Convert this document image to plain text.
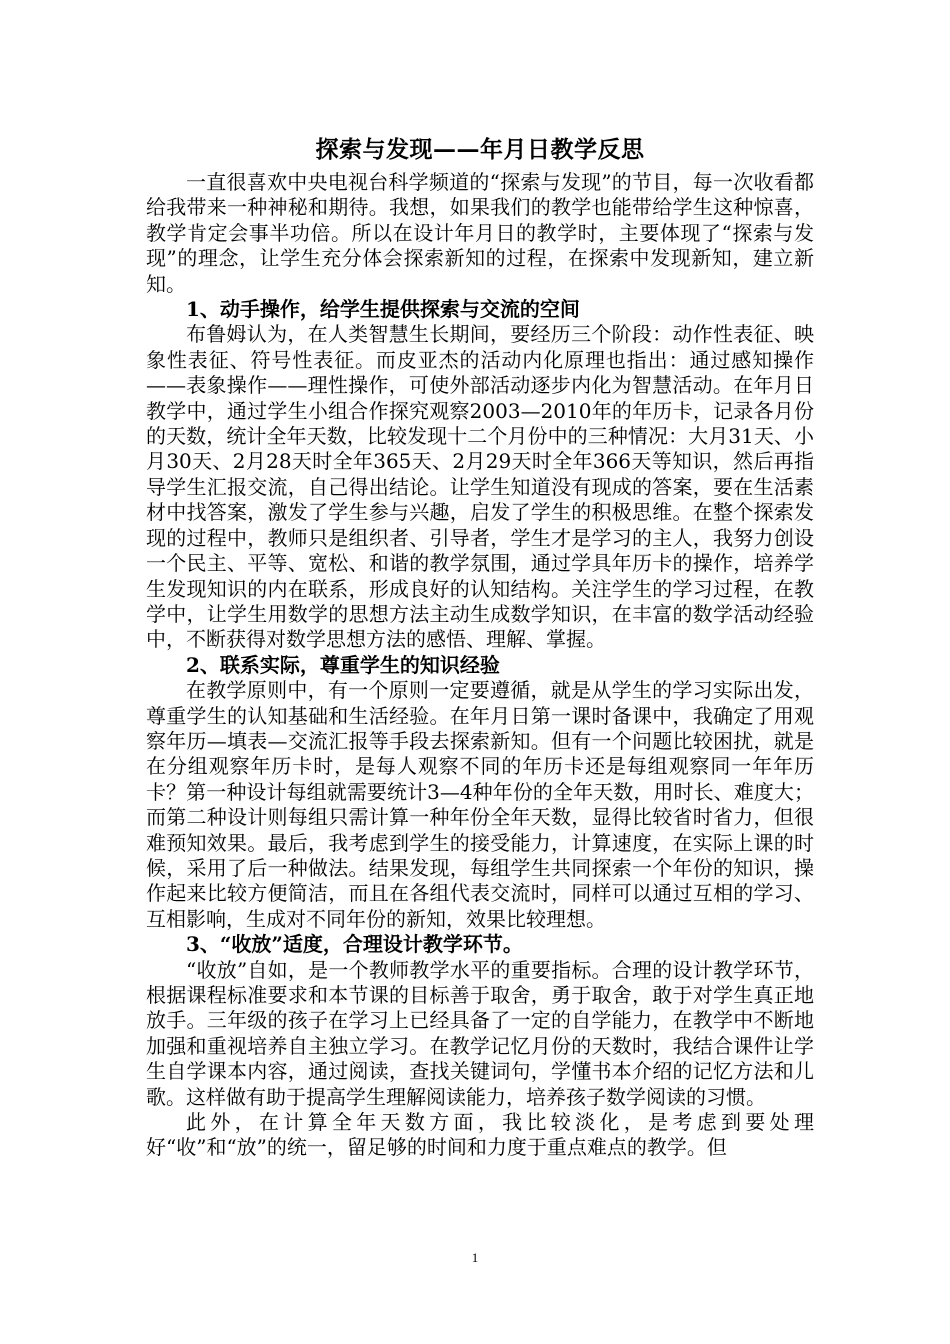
探索与发现——年月日教学反思

一直很喜欢中央电视台科学频道的“探索与发现”的节目，每一次收看都给我带来一种神秘和期待。我想，如果我们的教学也能带给学生这种惊喜，教学肯定会事半功倍。所以在设计年月日的教学时，主要体现了“探索与发现”的理念，让学生充分体会探索新知的过程，在探索中发现新知，建立新知。

1、动手操作，给学生提供探索与交流的空间

布鲁姆认为，在人类智慧生长期间，要经历三个阶段：动作性表征、映象性表征、符号性表征。而皮亚杰的活动内化原理也指出：通过感知操作——表象操作——理性操作，可使外部活动逐步内化为智慧活动。在年月日教学中，通过学生小组合作探究观察2003—2010年的年历卡，记录各月份的天数，统计全年天数，比较发现十二个月份中的三种情况：大月31天、小月30天、2月28天时全年365天、2月29天时全年366天等知识，然后再指导学生汇报交流，自己得出结论。让学生知道没有现成的答案，要在生活素材中找答案，激发了学生参与兴趣，启发了学生的积极思维。在整个探索发现的过程中，教师只是组织者、引导者，学生才是学习的主人，我努力创设一个民主、平等、宽松、和谐的教学氛围，通过学具年历卡的操作，培养学生发现知识的内在联系，形成良好的认知结构。关注学生的学习过程，在教学中，让学生用数学的思想方法主动生成数学知识，在丰富的数学活动经验中，不断获得对数学思想方法的感悟、理解、掌握。

2、联系实际，尊重学生的知识经验

在教学原则中，有一个原则一定要遵循，就是从学生的学习实际出发，尊重学生的认知基础和生活经验。在年月日第一课时备课中，我确定了用观察年历—填表—交流汇报等手段去探索新知。但有一个问题比较困扰，就是在分组观察年历卡时，是每人观察不同的年历卡还是每组观察同一年年历卡？第一种设计每组就需要统计3—4种年份的全年天数，用时长、难度大；而第二种设计则每组只需计算一种年份全年天数，显得比较省时省力，但很难预知效果。最后，我考虑到学生的接受能力，计算速度，在实际上课的时候，采用了后一种做法。结果发现，每组学生共同探索一个年份的知识，操作起来比较方便简洁，而且在各组代表交流时，同样可以通过互相的学习、互相影响，生成对不同年份的新知，效果比较理想。

3、“收放”适度，合理设计教学环节。

“收放”自如，是一个教师教学水平的重要指标。合理的设计教学环节，根据课程标准要求和本节课的目标善于取舍，勇于取舍，敢于对学生真正地放手。三年级的孩子在学习上已经具备了一定的自学能力，在教学中不断地加强和重视培养自主独立学习。在教学记忆月份的天数时，我结合课件让学生自学课本内容，通过阅读，查找关键词句，学懂书本介绍的记忆方法和儿歌。这样做有助于提高学生理解阅读能力，培养孩子数学阅读的习惯。

此外，在计算全年天数方面，我比较淡化，是考虑到要处理好“收”和“放”的统一，留足够的时间和力度于重点难点的教学。但

1
